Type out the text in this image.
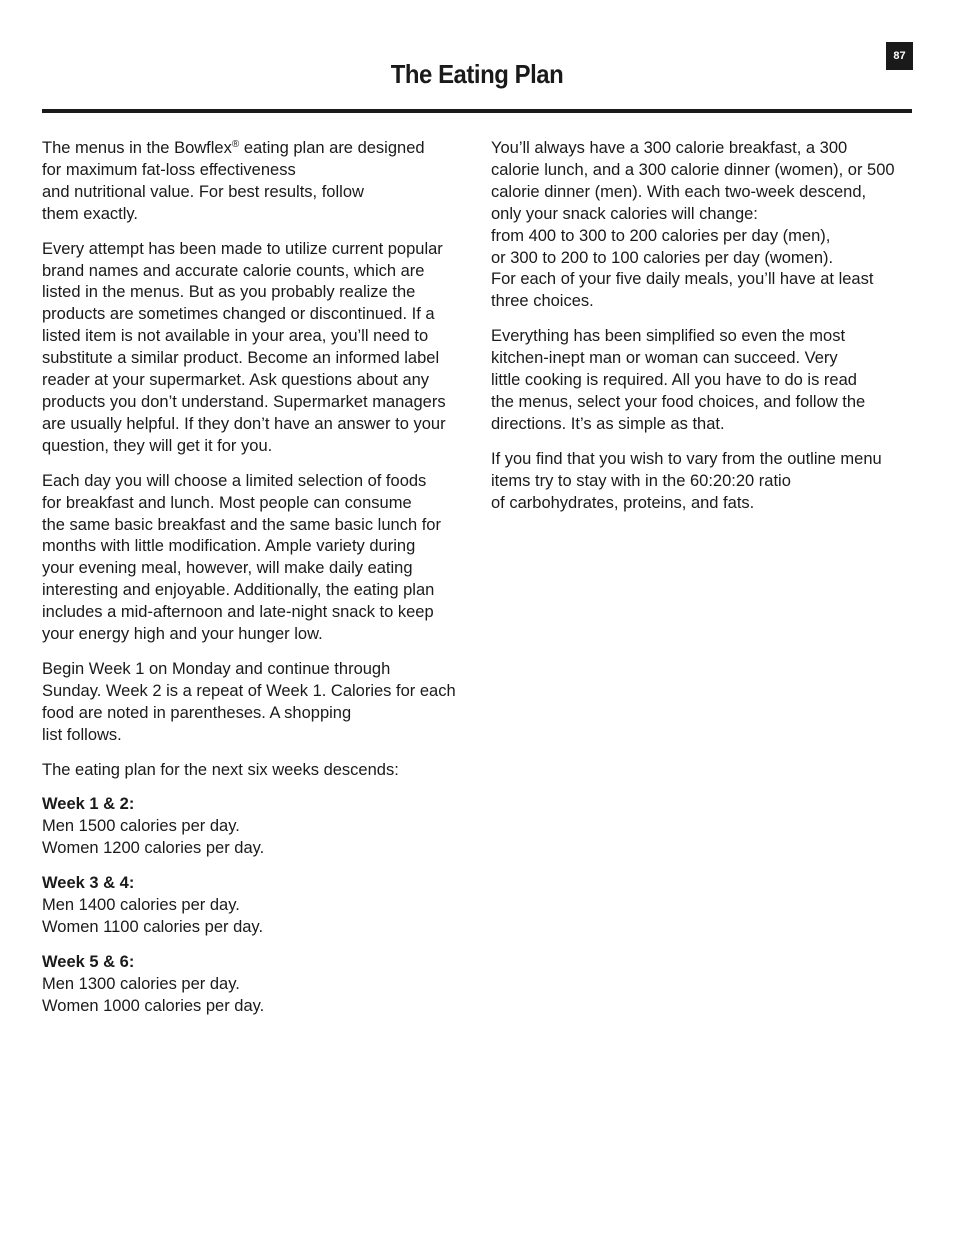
87
The Eating Plan

The menus in the Bowflex® eating plan are designed
for maximum fat-loss effectiveness
and nutritional value. For best results, follow
them exactly.

Every attempt has been made to utilize current popular
brand names and accurate calorie counts, which are
listed in the menus. But as you probably realize the
products are sometimes changed or discontinued. If a
listed item is not available in your area, you’ll need to
substitute a similar product. Become an informed label
reader at your supermarket. Ask questions about any
products you don’t understand. Supermarket managers
are usually helpful. If they don’t have an answer to your
question, they will get it for you.

Each day you will choose a limited selection of foods
for breakfast and lunch. Most people can consume
the same basic breakfast and the same basic lunch for
months with little modification. Ample variety during
your evening meal, however, will make daily eating
interesting and enjoyable. Additionally, the eating plan
includes a mid-afternoon and late-night snack to keep
your energy high and your hunger low.

Begin Week 1 on Monday and continue through
Sunday. Week 2 is a repeat of Week 1. Calories for each
food are noted in parentheses. A shopping
list follows.

The eating plan for the next six weeks descends:

Week 1 & 2:
Men 1500 calories per day.
Women 1200 calories per day.

Week 3 & 4:
Men 1400 calories per day.
Women 1100 calories per day.

Week 5 & 6:
Men 1300 calories per day.
Women 1000 calories per day.

You’ll always have a 300 calorie breakfast, a 300
calorie lunch, and a 300 calorie dinner (women), or 500
calorie dinner (men). With each two-week descend,
only your snack calories will change:
from 400 to 300 to 200 calories per day (men),
or 300 to 200 to 100 calories per day (women).
For each of your five daily meals, you’ll have at least
three choices.

Everything has been simplified so even the most
kitchen-inept man or woman can succeed. Very
little cooking is required. All you have to do is read
the menus, select your food choices, and follow the
directions. It’s as simple as that.

If you find that you wish to vary from the outline menu
items try to stay with in the 60:20:20 ratio
of carbohydrates, proteins, and fats.
